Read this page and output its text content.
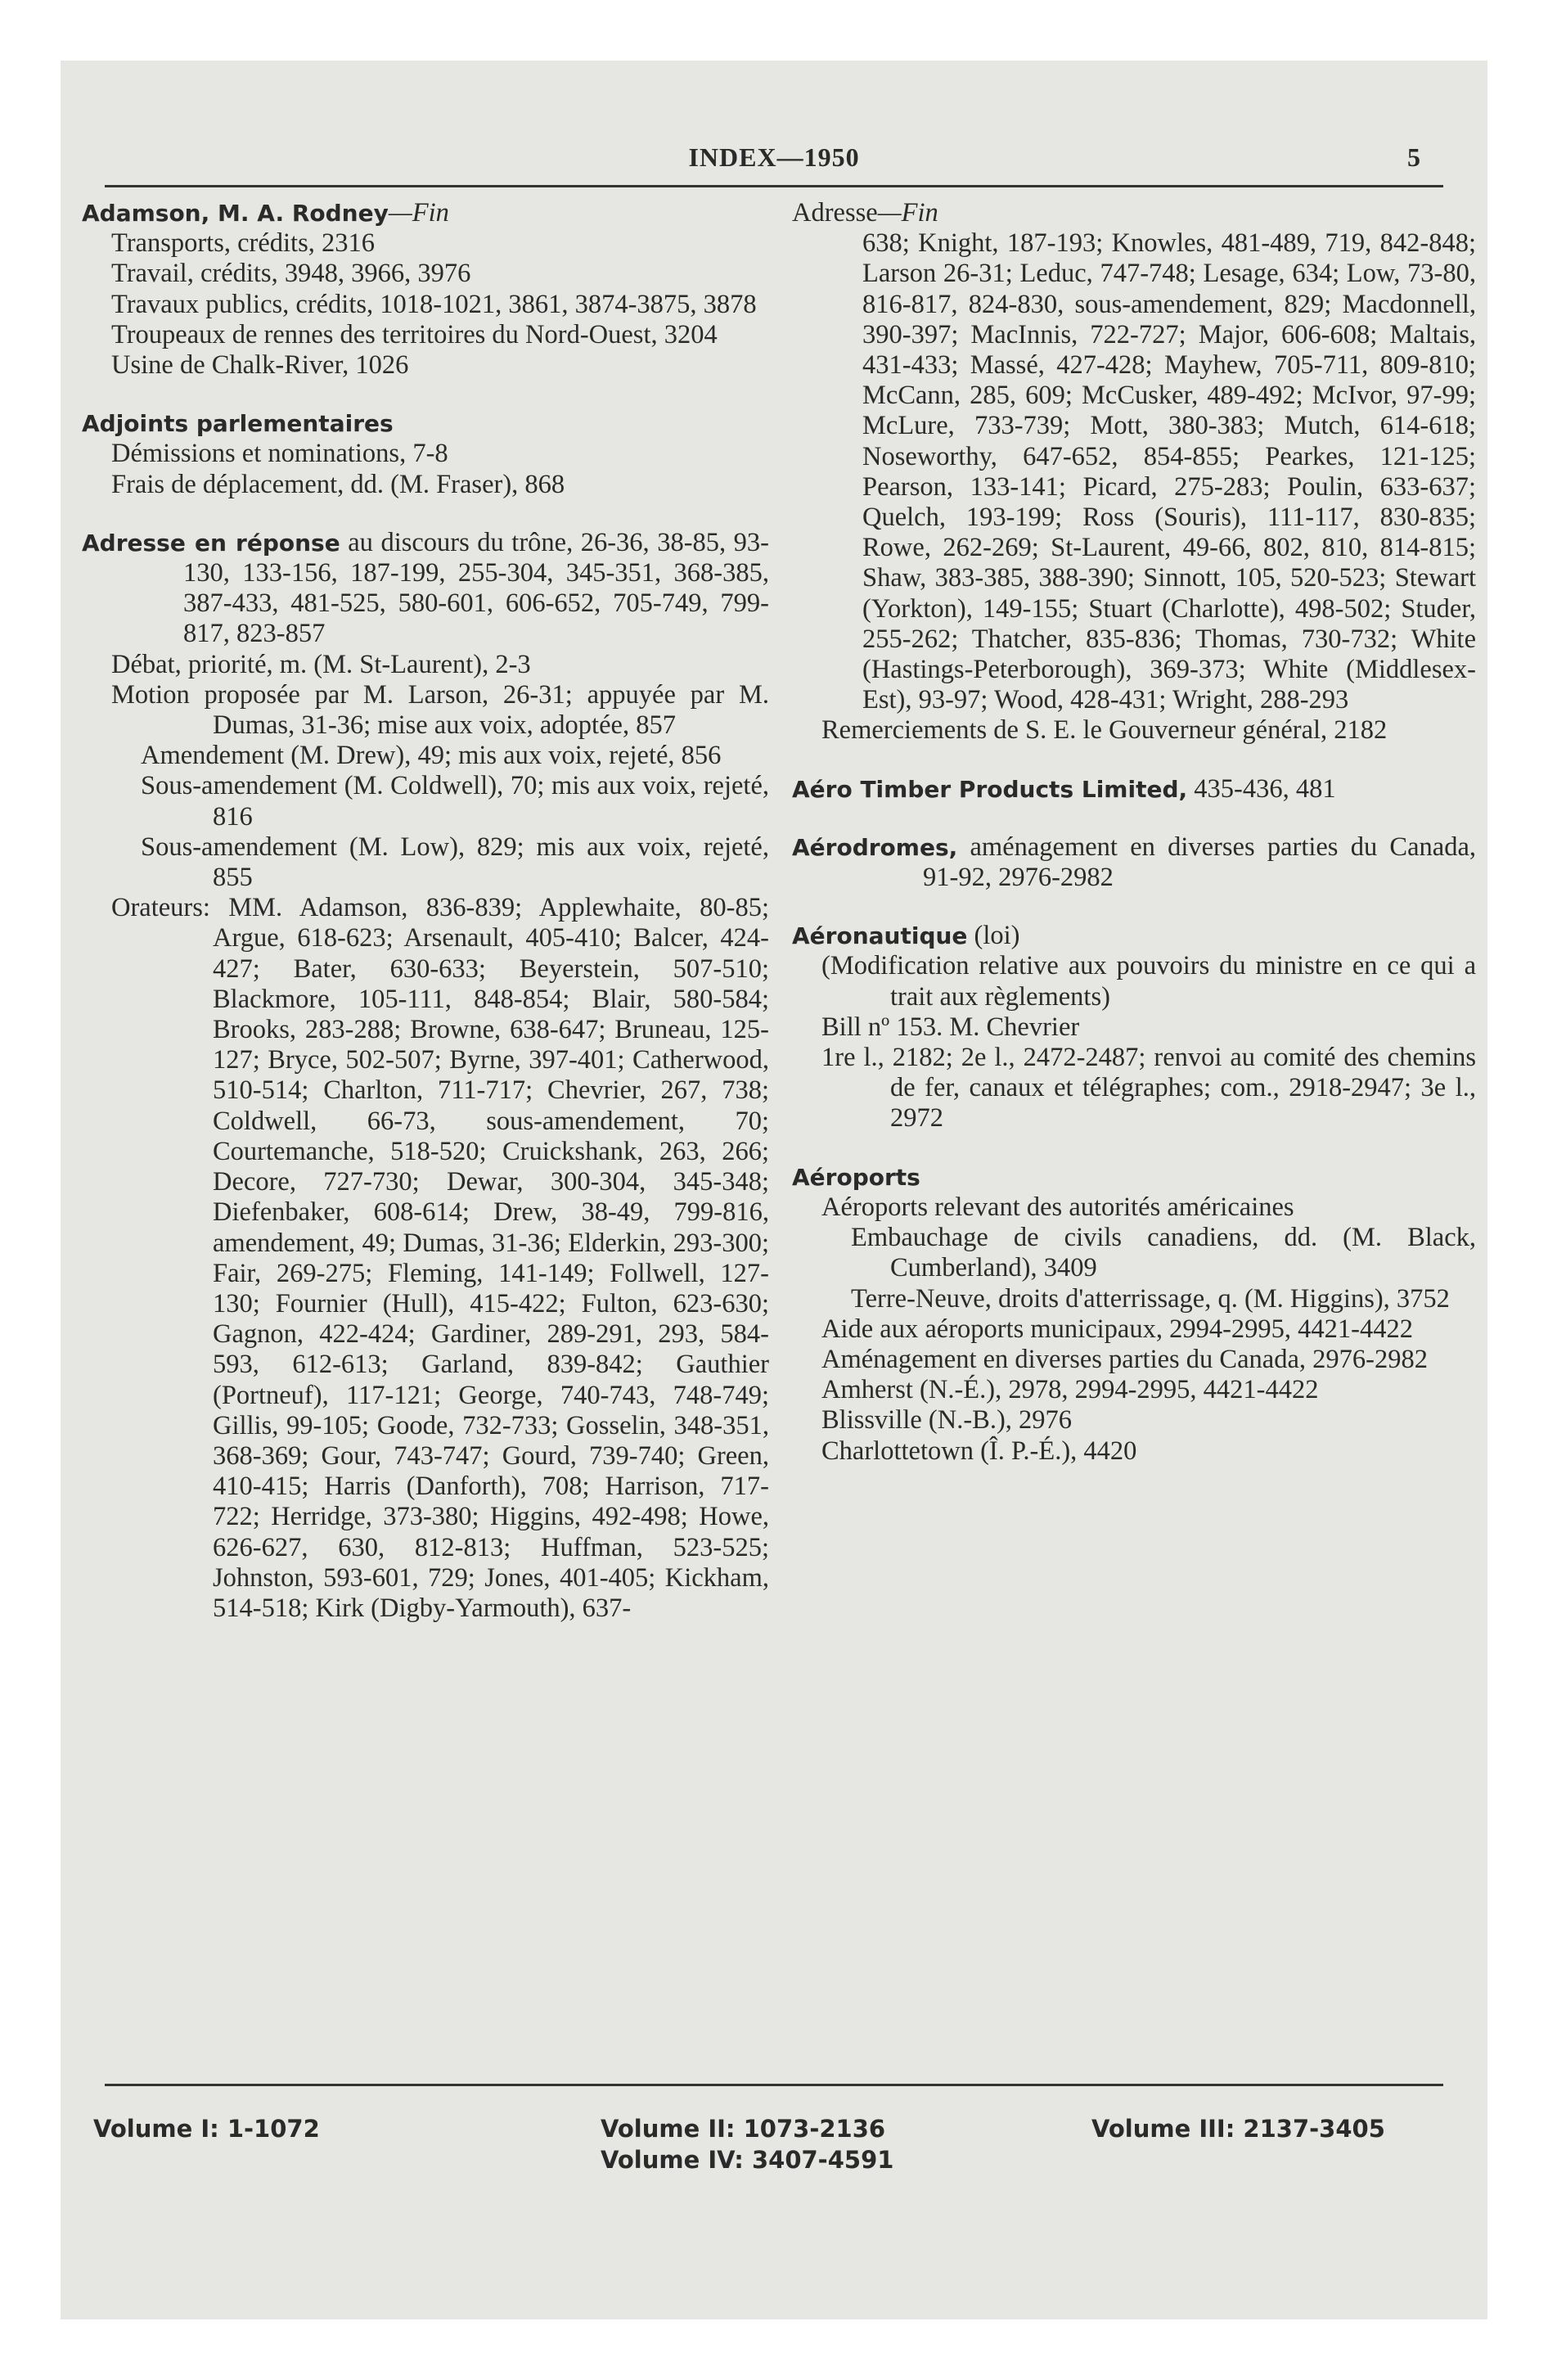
INDEX—1950	5
Adamson, M. A. Rodney—Fin
Transports, crédits, 2316
Travail, crédits, 3948, 3966, 3976
Travaux publics, crédits, 1018-1021, 3861, 3874-3875, 3878
Troupeaux de rennes des territoires du Nord-Ouest, 3204
Usine de Chalk-River, 1026
Adjoints parlementaires
Démissions et nominations, 7-8
Frais de déplacement, dd. (M. Fraser), 868
Adresse en réponse au discours du trône, 26-36, 38-85, 93-130, 133-156, 187-199, 255-304, 345-351, 368-385, 387-433, 481-525, 580-601, 606-652, 705-749, 799-817, 823-857
Débat, priorité, m. (M. St-Laurent), 2-3
Motion proposée par M. Larson, 26-31; appuyée par M. Dumas, 31-36; mise aux voix, adoptée, 857
Amendement (M. Drew), 49; mis aux voix, rejeté, 856
Sous-amendement (M. Coldwell), 70; mis aux voix, rejeté, 816
Sous-amendement (M. Low), 829; mis aux voix, rejeté, 855
Orateurs: MM. Adamson, 836-839; Applewhaite, 80-85; Argue, 618-623; Arsenault, 405-410; Balcer, 424-427; Bater, 630-633; Beyerstein, 507-510; Blackmore, 105-111, 848-854; Blair, 580-584; Brooks, 283-288; Browne, 638-647; Bruneau, 125-127; Bryce, 502-507; Byrne, 397-401; Catherwood, 510-514; Charlton, 711-717; Chevrier, 267, 738; Coldwell, 66-73, sous-amendement, 70; Courtemanche, 518-520; Cruickshank, 263, 266; Decore, 727-730; Dewar, 300-304, 345-348; Diefenbaker, 608-614; Drew, 38-49, 799-816, amendement, 49; Dumas, 31-36; Elderkin, 293-300; Fair, 269-275; Fleming, 141-149; Follwell, 127-130; Fournier (Hull), 415-422; Fulton, 623-630; Gagnon, 422-424; Gardiner, 289-291, 293, 584-593, 612-613; Garland, 839-842; Gauthier (Portneuf), 117-121; George, 740-743, 748-749; Gillis, 99-105; Goode, 732-733; Gosselin, 348-351, 368-369; Gour, 743-747; Gourd, 739-740; Green, 410-415; Harris (Danforth), 708; Harrison, 717-722; Herridge, 373-380; Higgins, 492-498; Howe, 626-627, 630, 812-813; Huffman, 523-525; Johnston, 593-601, 729; Jones, 401-405; Kickham, 514-518; Kirk (Digby-Yarmouth), 637-
Adresse—Fin
638; Knight, 187-193; Knowles, 481-489, 719, 842-848; Larson 26-31; Leduc, 747-748; Lesage, 634; Low, 73-80, 816-817, 824-830, sous-amendement, 829; Macdonnell, 390-397; MacInnis, 722-727; Major, 606-608; Maltais, 431-433; Massé, 427-428; Mayhew, 705-711, 809-810; McCann, 285, 609; McCusker, 489-492; McIvor, 97-99; McLure, 733-739; Mott, 380-383; Mutch, 614-618; Noseworthy, 647-652, 854-855; Pearkes, 121-125; Pearson, 133-141; Picard, 275-283; Poulin, 633-637; Quelch, 193-199; Ross (Souris), 111-117, 830-835; Rowe, 262-269; St-Laurent, 49-66, 802, 810, 814-815; Shaw, 383-385, 388-390; Sinnott, 105, 520-523; Stewart (Yorkton), 149-155; Stuart (Charlotte), 498-502; Studer, 255-262; Thatcher, 835-836; Thomas, 730-732; White (Hastings-Peterborough), 369-373; White (Middlesex-Est), 93-97; Wood, 428-431; Wright, 288-293
Remerciements de S. E. le Gouverneur général, 2182
Aéro Timber Products Limited, 435-436, 481
Aérodromes, aménagement en diverses parties du Canada, 91-92, 2976-2982
Aéronautique (loi)
(Modification relative aux pouvoirs du ministre en ce qui a trait aux règlements)
Bill nº 153. M. Chevrier
1re l., 2182; 2e l., 2472-2487; renvoi au comité des chemins de fer, canaux et télégraphes; com., 2918-2947; 3e l., 2972
Aéroports
Aéroports relevant des autorités américaines
Embauchage de civils canadiens, dd. (M. Black, Cumberland), 3409
Terre-Neuve, droits d'atterrissage, q. (M. Higgins), 3752
Aide aux aéroports municipaux, 2994-2995, 4421-4422
Aménagement en diverses parties du Canada, 2976-2982
Amherst (N.-É.), 2978, 2994-2995, 4421-4422
Blissville (N.-B.), 2976
Charlottetown (Î. P.-É.), 4420
Volume I: 1-1072	Volume II: 1073-2136
Volume IV: 3407-4591
Volume III: 2137-3405
